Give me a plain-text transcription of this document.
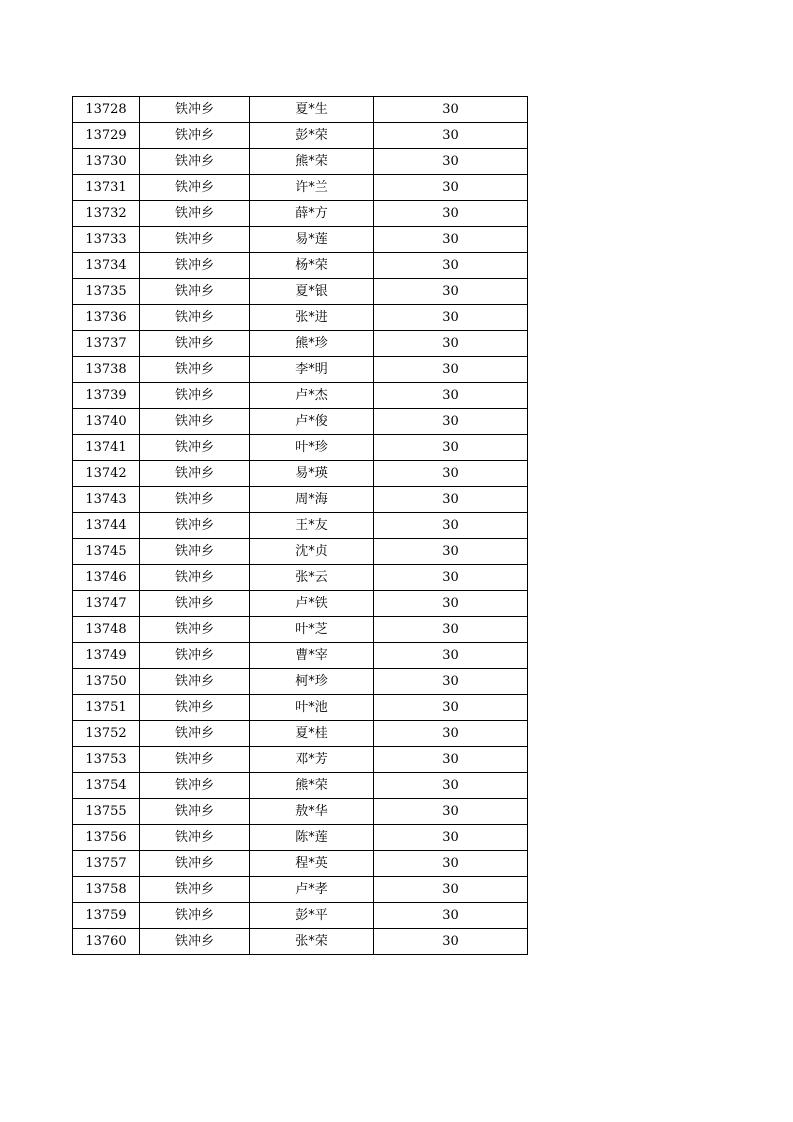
13728	铁冲乡	夏*生	30
13729	铁冲乡	彭*荣	30
13730	铁冲乡	熊*荣	30
13731	铁冲乡	许*兰	30
13732	铁冲乡	薛*方	30
13733	铁冲乡	易*莲	30
13734	铁冲乡	杨*荣	30
13735	铁冲乡	夏*银	30
13736	铁冲乡	张*进	30
13737	铁冲乡	熊*珍	30
13738	铁冲乡	李*明	30
13739	铁冲乡	卢*杰	30
13740	铁冲乡	卢*俊	30
13741	铁冲乡	叶*珍	30
13742	铁冲乡	易*瑛	30
13743	铁冲乡	周*海	30
13744	铁冲乡	王*友	30
13745	铁冲乡	沈*贞	30
13746	铁冲乡	张*云	30
13747	铁冲乡	卢*铁	30
13748	铁冲乡	叶*芝	30
13749	铁冲乡	曹*宰	30
13750	铁冲乡	柯*珍	30
13751	铁冲乡	叶*池	30
13752	铁冲乡	夏*桂	30
13753	铁冲乡	邓*芳	30
13754	铁冲乡	熊*荣	30
13755	铁冲乡	敖*华	30
13756	铁冲乡	陈*莲	30
13757	铁冲乡	程*英	30
13758	铁冲乡	卢*孝	30
13759	铁冲乡	彭*平	30
13760	铁冲乡	张*荣	30
